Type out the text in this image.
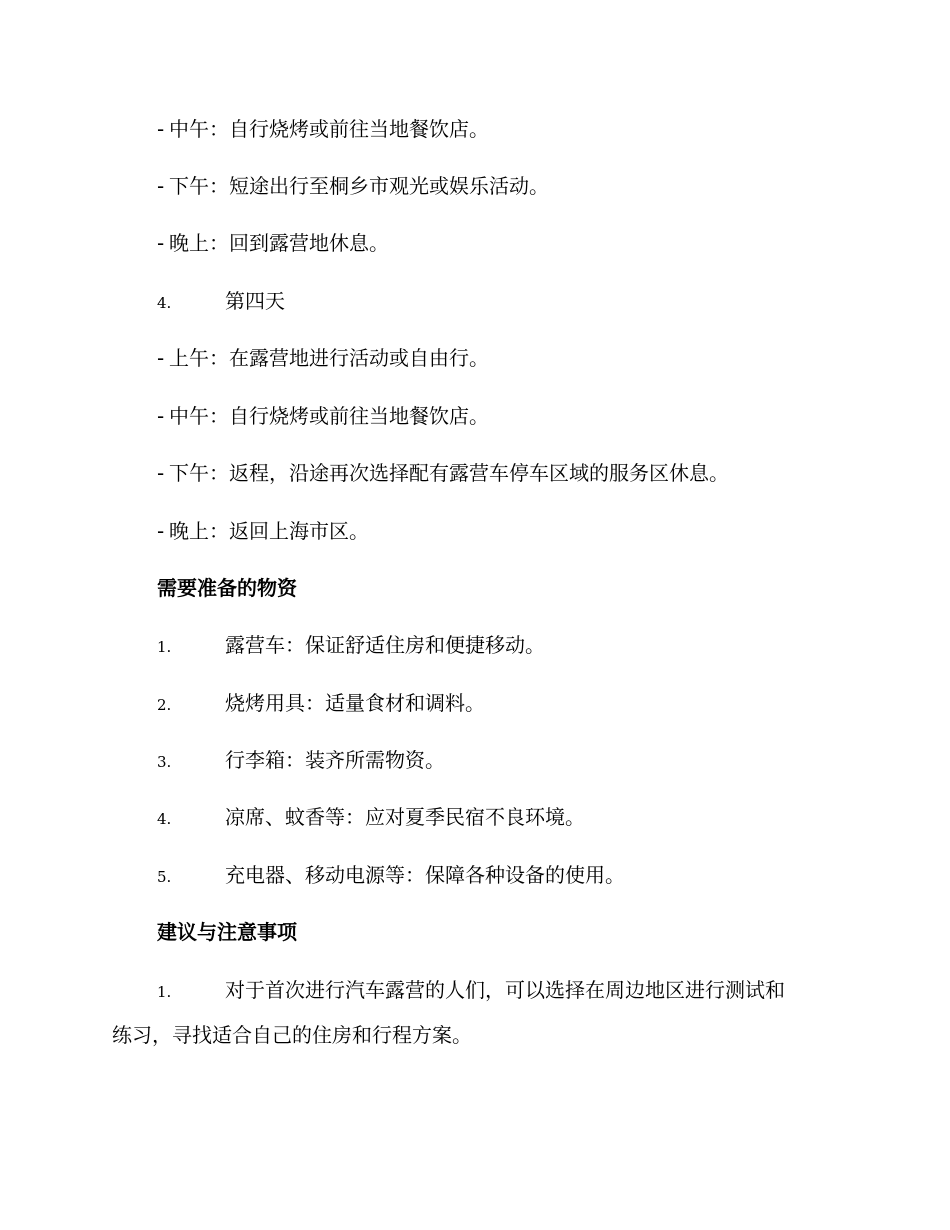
- 中午：自行烧烤或前往当地餐饮店。
- 下午：短途出行至桐乡市观光或娱乐活动。
- 晚上：回到露营地休息。
4.	第四天
- 上午：在露营地进行活动或自由行。
- 中午：自行烧烤或前往当地餐饮店。
- 下午：返程，沿途再次选择配有露营车停车区域的服务区休息。
- 晚上：返回上海市区。
需要准备的物资
1.	露营车：保证舒适住房和便捷移动。
2.	烧烤用具：适量食材和调料。
3.	行李箱：装齐所需物资。
4.	凉席、蚊香等：应对夏季民宿不良环境。
5.	充电器、移动电源等：保障各种设备的使用。
建议与注意事项
1.	对于首次进行汽车露营的人们，可以选择在周边地区进行测试和
练习，寻找适合自己的住房和行程方案。
